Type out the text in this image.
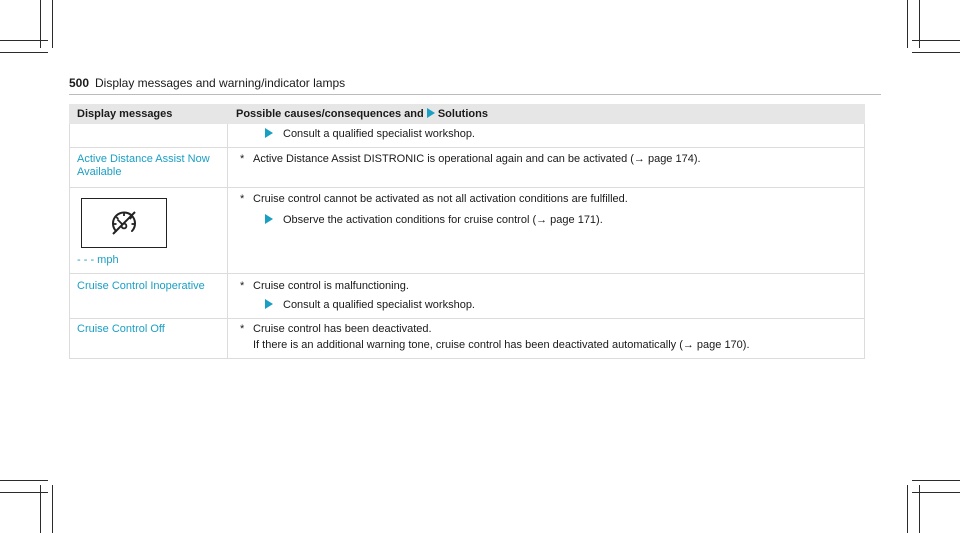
500 Display messages and warning/indicator lamps
Display messages	Possible causes/consequences and Solutions

	Consult a qualified specialist workshop.

Active Distance Assist Now Available	* Active Distance Assist DISTRONIC is operational again and can be activated (→ page 174).

- - - mph	* Cruise control cannot be activated as not all activation conditions are fulfilled.
Observe the activation conditions for cruise control (→ page 171).

Cruise Control Inoperative	* Cruise control is malfunctioning.
Consult a qualified specialist workshop.

Cruise Control Off	* Cruise control has been deactivated.
If there is an additional warning tone, cruise control has been deactivated automatically (→ page 170).
